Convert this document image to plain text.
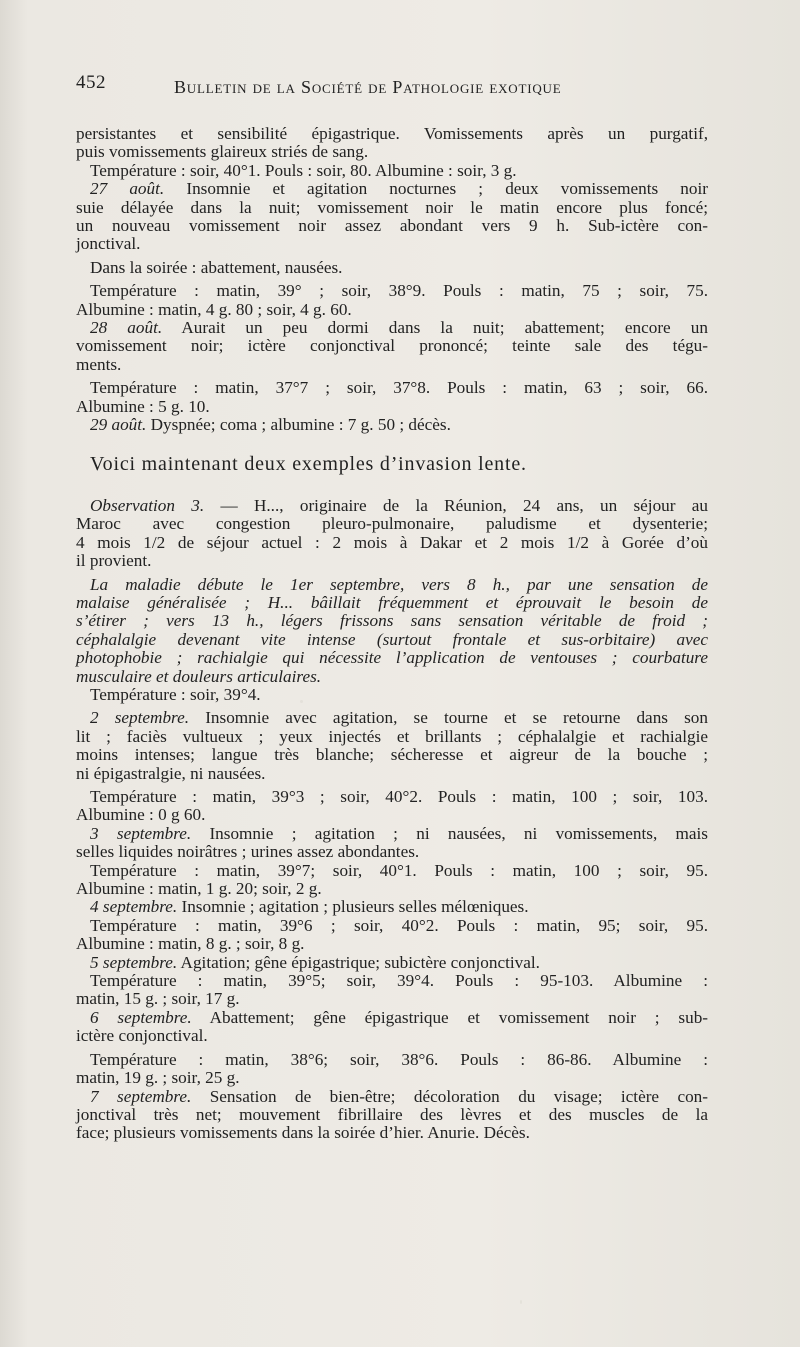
452	Bulletin de la Société de Pathologie exotique
persistantes et sensibilité épigastrique. Vomissements après un purgatif,
puis vomissements glaireux striés de sang.
Température : soir, 40°1. Pouls : soir, 80. Albumine : soir, 3 g.
27 août. Insomnie et agitation nocturnes ; deux vomissements noir
suie délayée dans la nuit; vomissement noir le matin encore plus foncé;
un nouveau vomissement noir assez abondant vers 9 h. Sub-ictère con-
jonctival.
Dans la soirée : abattement, nausées.
Température : matin, 39° ; soir, 38°9. Pouls : matin, 75 ; soir, 75.
Albumine : matin, 4 g. 80 ; soir, 4 g. 60.
28 août. Aurait un peu dormi dans la nuit; abattement; encore un
vomissement noir; ictère conjonctival prononcé; teinte sale des tégu-
ments.
Température : matin, 37°7 ; soir, 37°8. Pouls : matin, 63 ; soir, 66.
Albumine : 5 g. 10.
29 août. Dyspnée; coma ; albumine : 7 g. 50 ; décès.
Voici maintenant deux exemples d’invasion lente.
Observation 3. — H..., originaire de la Réunion, 24 ans, un séjour au
Maroc avec congestion pleuro-pulmonaire, paludisme et dysenterie;
4 mois 1/2 de séjour actuel : 2 mois à Dakar et 2 mois 1/2 à Gorée d’où
il provient.
La maladie débute le 1er septembre, vers 8 h., par une sensation de
malaise généralisée ; H... bâillait fréquemment et éprouvait le besoin de
s’étirer ; vers 13 h., légers frissons sans sensation véritable de froid ;
céphalalgie devenant vite intense (surtout frontale et sus-orbitaire) avec
photophobie ; rachialgie qui nécessite l’application de ventouses ; courbature
musculaire et douleurs articulaires.
Température : soir, 39°4.
2 septembre. Insomnie avec agitation, se tourne et se retourne dans son
lit ; faciès vultueux ; yeux injectés et brillants ; céphalalgie et rachialgie
moins intenses; langue très blanche; sécheresse et aigreur de la bouche ;
ni épigastralgie, ni nausées.
Température : matin, 39°3 ; soir, 40°2. Pouls : matin, 100 ; soir, 103.
Albumine : 0 g 60.
3 septembre. Insomnie ; agitation ; ni nausées, ni vomissements, mais
selles liquides noirâtres ; urines assez abondantes.
Température : matin, 39°7; soir, 40°1. Pouls : matin, 100 ; soir, 95.
Albumine : matin, 1 g. 20; soir, 2 g.
4 septembre. Insomnie ; agitation ; plusieurs selles mélœniques.
Température : matin, 39°6 ; soir, 40°2. Pouls : matin, 95; soir, 95.
Albumine : matin, 8 g. ; soir, 8 g.
5 septembre. Agitation; gêne épigastrique; subictère conjonctival.
Température : matin, 39°5; soir, 39°4. Pouls : 95-103. Albumine :
matin, 15 g. ; soir, 17 g.
6 septembre. Abattement; gêne épigastrique et vomissement noir ; sub-
ictère conjonctival.
Température : matin, 38°6; soir, 38°6. Pouls : 86-86. Albumine :
matin, 19 g. ; soir, 25 g.
7 septembre. Sensation de bien-être; décoloration du visage; ictère con-
jonctival très net; mouvement fibrillaire des lèvres et des muscles de la
face; plusieurs vomissements dans la soirée d’hier. Anurie. Décès.
